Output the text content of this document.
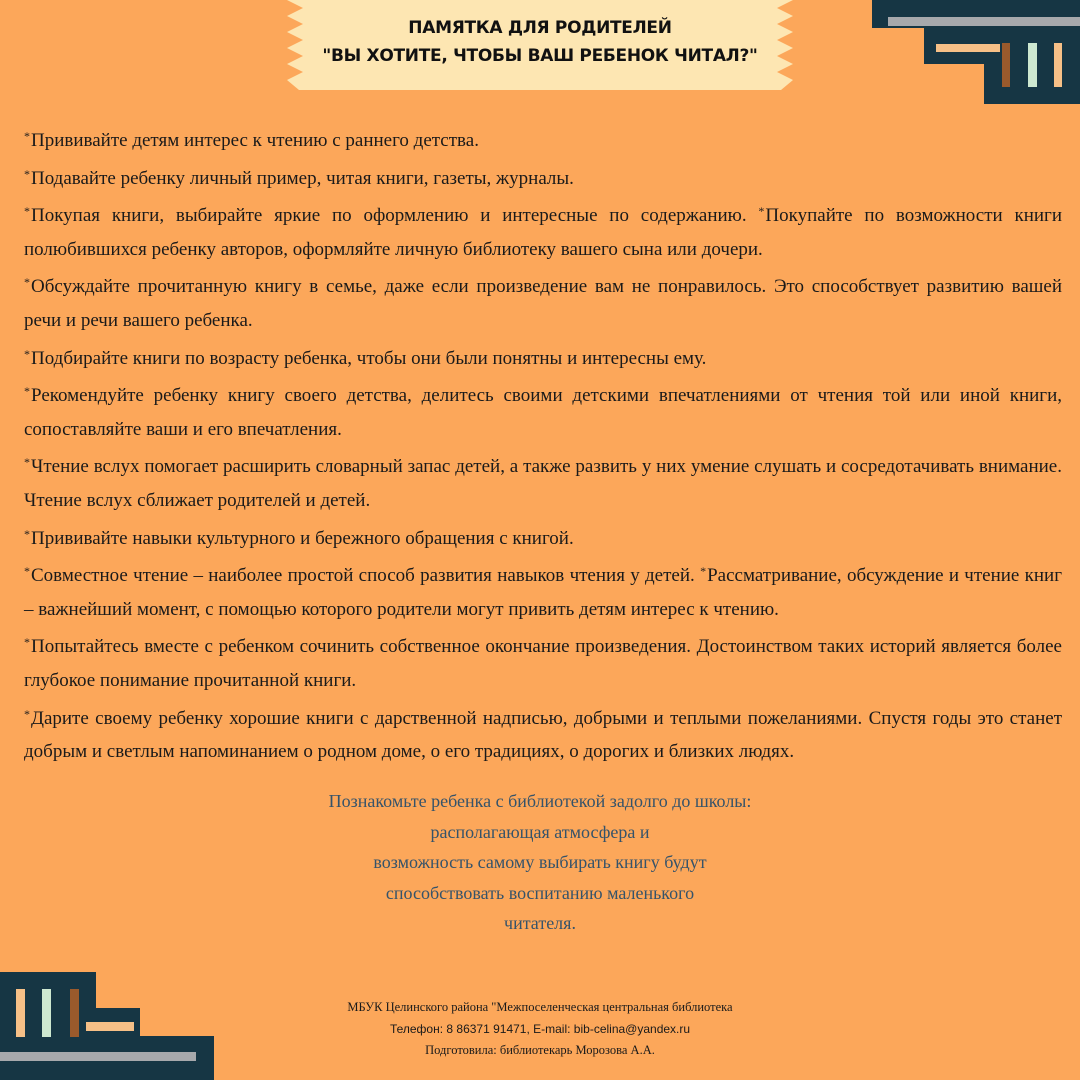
ПАМЯТКА ДЛЯ РОДИТЕЛЕЙ
"ВЫ ХОТИТЕ, ЧТОБЫ ВАШ РЕБЕНОК ЧИТАЛ?"

*Прививайте детям интерес к чтению с раннего детства.

*Подавайте ребенку личный пример, читая книги, газеты, журналы.

*Покупая книги, выбирайте яркие по оформлению и интересные по содержанию. *Покупайте по возможности книги полюбившихся ребенку авторов, оформляйте личную библиотеку вашего сына или дочери.

*Обсуждайте прочитанную книгу в семье, даже если произведение вам не понравилось. Это способствует развитию вашей речи и речи вашего ребенка.

*Подбирайте книги по возрасту ребенка, чтобы они были понятны и интересны ему.

*Рекомендуйте ребенку книгу своего детства, делитесь своими детскими впечатлениями от чтения той или иной книги, сопоставляйте ваши и его впечатления.

*Чтение вслух помогает расширить словарный запас детей, а также развить у них умение слушать и сосредотачивать внимание. Чтение вслух сближает родителей и детей.

*Прививайте навыки культурного и бережного обращения с книгой.

*Совместное чтение – наиболее простой способ развития навыков чтения у детей. *Рассматривание, обсуждение и чтение книг – важнейший момент, с помощью которого родители могут привить детям интерес к чтению.

*Попытайтесь вместе с ребенком сочинить собственное окончание произведения. Достоинством таких историй является более глубокое понимание прочитанной книги.

*Дарите своему ребенку хорошие книги с дарственной надписью, добрыми и теплыми пожеланиями. Спустя годы это станет добрым и светлым напоминанием о родном доме, о его традициях, о дорогих и близких людях.

Познакомьте ребенка с библиотекой задолго до школы:

располагающая атмосфера и

возможность самому выбирать книгу будут

способствовать воспитанию маленького

читателя.

МБУК Целинского района "Межпоселенческая центральная библиотека

Телефон: 8 86371 91471, E-mail: bib-celina@yandex.ru

Подготовила: библиотекарь Морозова А.А.
